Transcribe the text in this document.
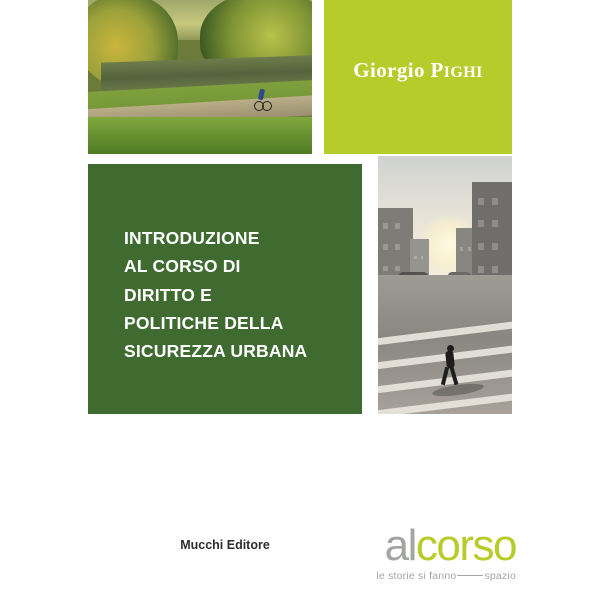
Giorgio PIGHI
INTRODUZIONE
AL CORSO DI
DIRITTO E
POLITICHE DELLA
SICUREZZA URBANA
Mucchi Editore	alcorso
le storie si fanno	spazio
